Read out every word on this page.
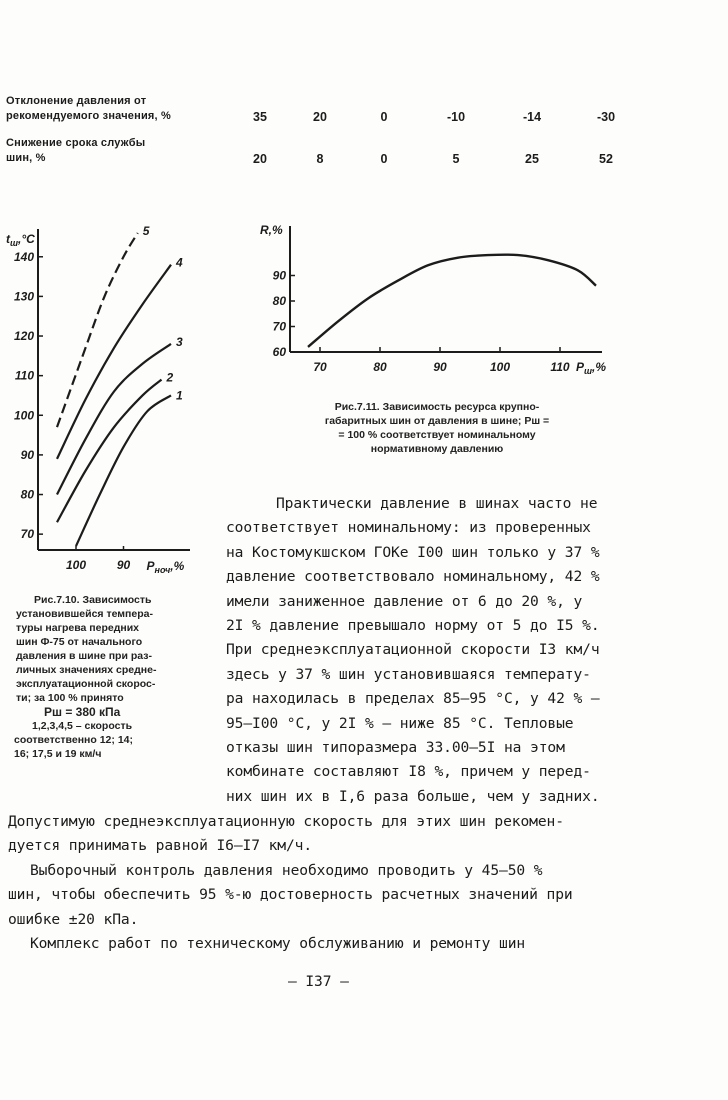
Отклонение давления от
рекомендуемого значения, %	35	20	0	-10	-14	-30
Снижение срока службы
шин, %	20	8	0	5	25	52
$t_ш,^\circ C$
140
130
120
110
100
90
80
70
100	90 $P_{ноч},\%$
1
2
3
4
5
Рис.7.10. Зависимость
установившейся темпера-
туры нагрева передних
шин Ф-75 от начального
давления в шине при раз-
личных значениях средне-
эксплуатационной скорос-
ти; за 100 % принято
Рш = 380 кПа
1,2,3,4,5 – скорость
соответственно 12; 14;
16; 17,5 и 19 км/ч
R,%
90
80
70
60
70	80	90	100	110 $P_ш,\%$
Рис.7.11. Зависимость ресурса крупно-
габаритных шин от давления в шине; Рш =
= 100 % соответствует номинальному
нормативному давлению
Практически давление в шинах часто не
соответствует номинальному: из проверенных
на Костомукшском ГОКе I00 шин только у 37 %
давление соответствовало номинальному, 42 %
имели заниженное давление от 6 до 20 %, у
2I % давление превышало норму от 5 до I5 %.
При среднеэксплуатационной скорости I3 км/ч
здесь у 37 % шин установившаяся температу-
ра находилась в пределах 85–95 °С, у 42 % –
95–I00 °С, у 2I % – ниже 85 °С. Тепловые
отказы шин типоразмера 33.00–5I на этом
комбинате составляют I8 %, причем у перед-
них шин их в I,6 раза больше, чем у задних.
Допустимую среднеэксплуатационную скорость для этих шин рекомен-
дуется принимать равной I6–I7 км/ч.
Выборочный контроль давления необходимо проводить у 45–50 %
шин, чтобы обеспечить 95 %-ю достоверность расчетных значений при
ошибке ±20 кПа.
Комплекс работ по техническому обслуживанию и ремонту шин
– I37 –
